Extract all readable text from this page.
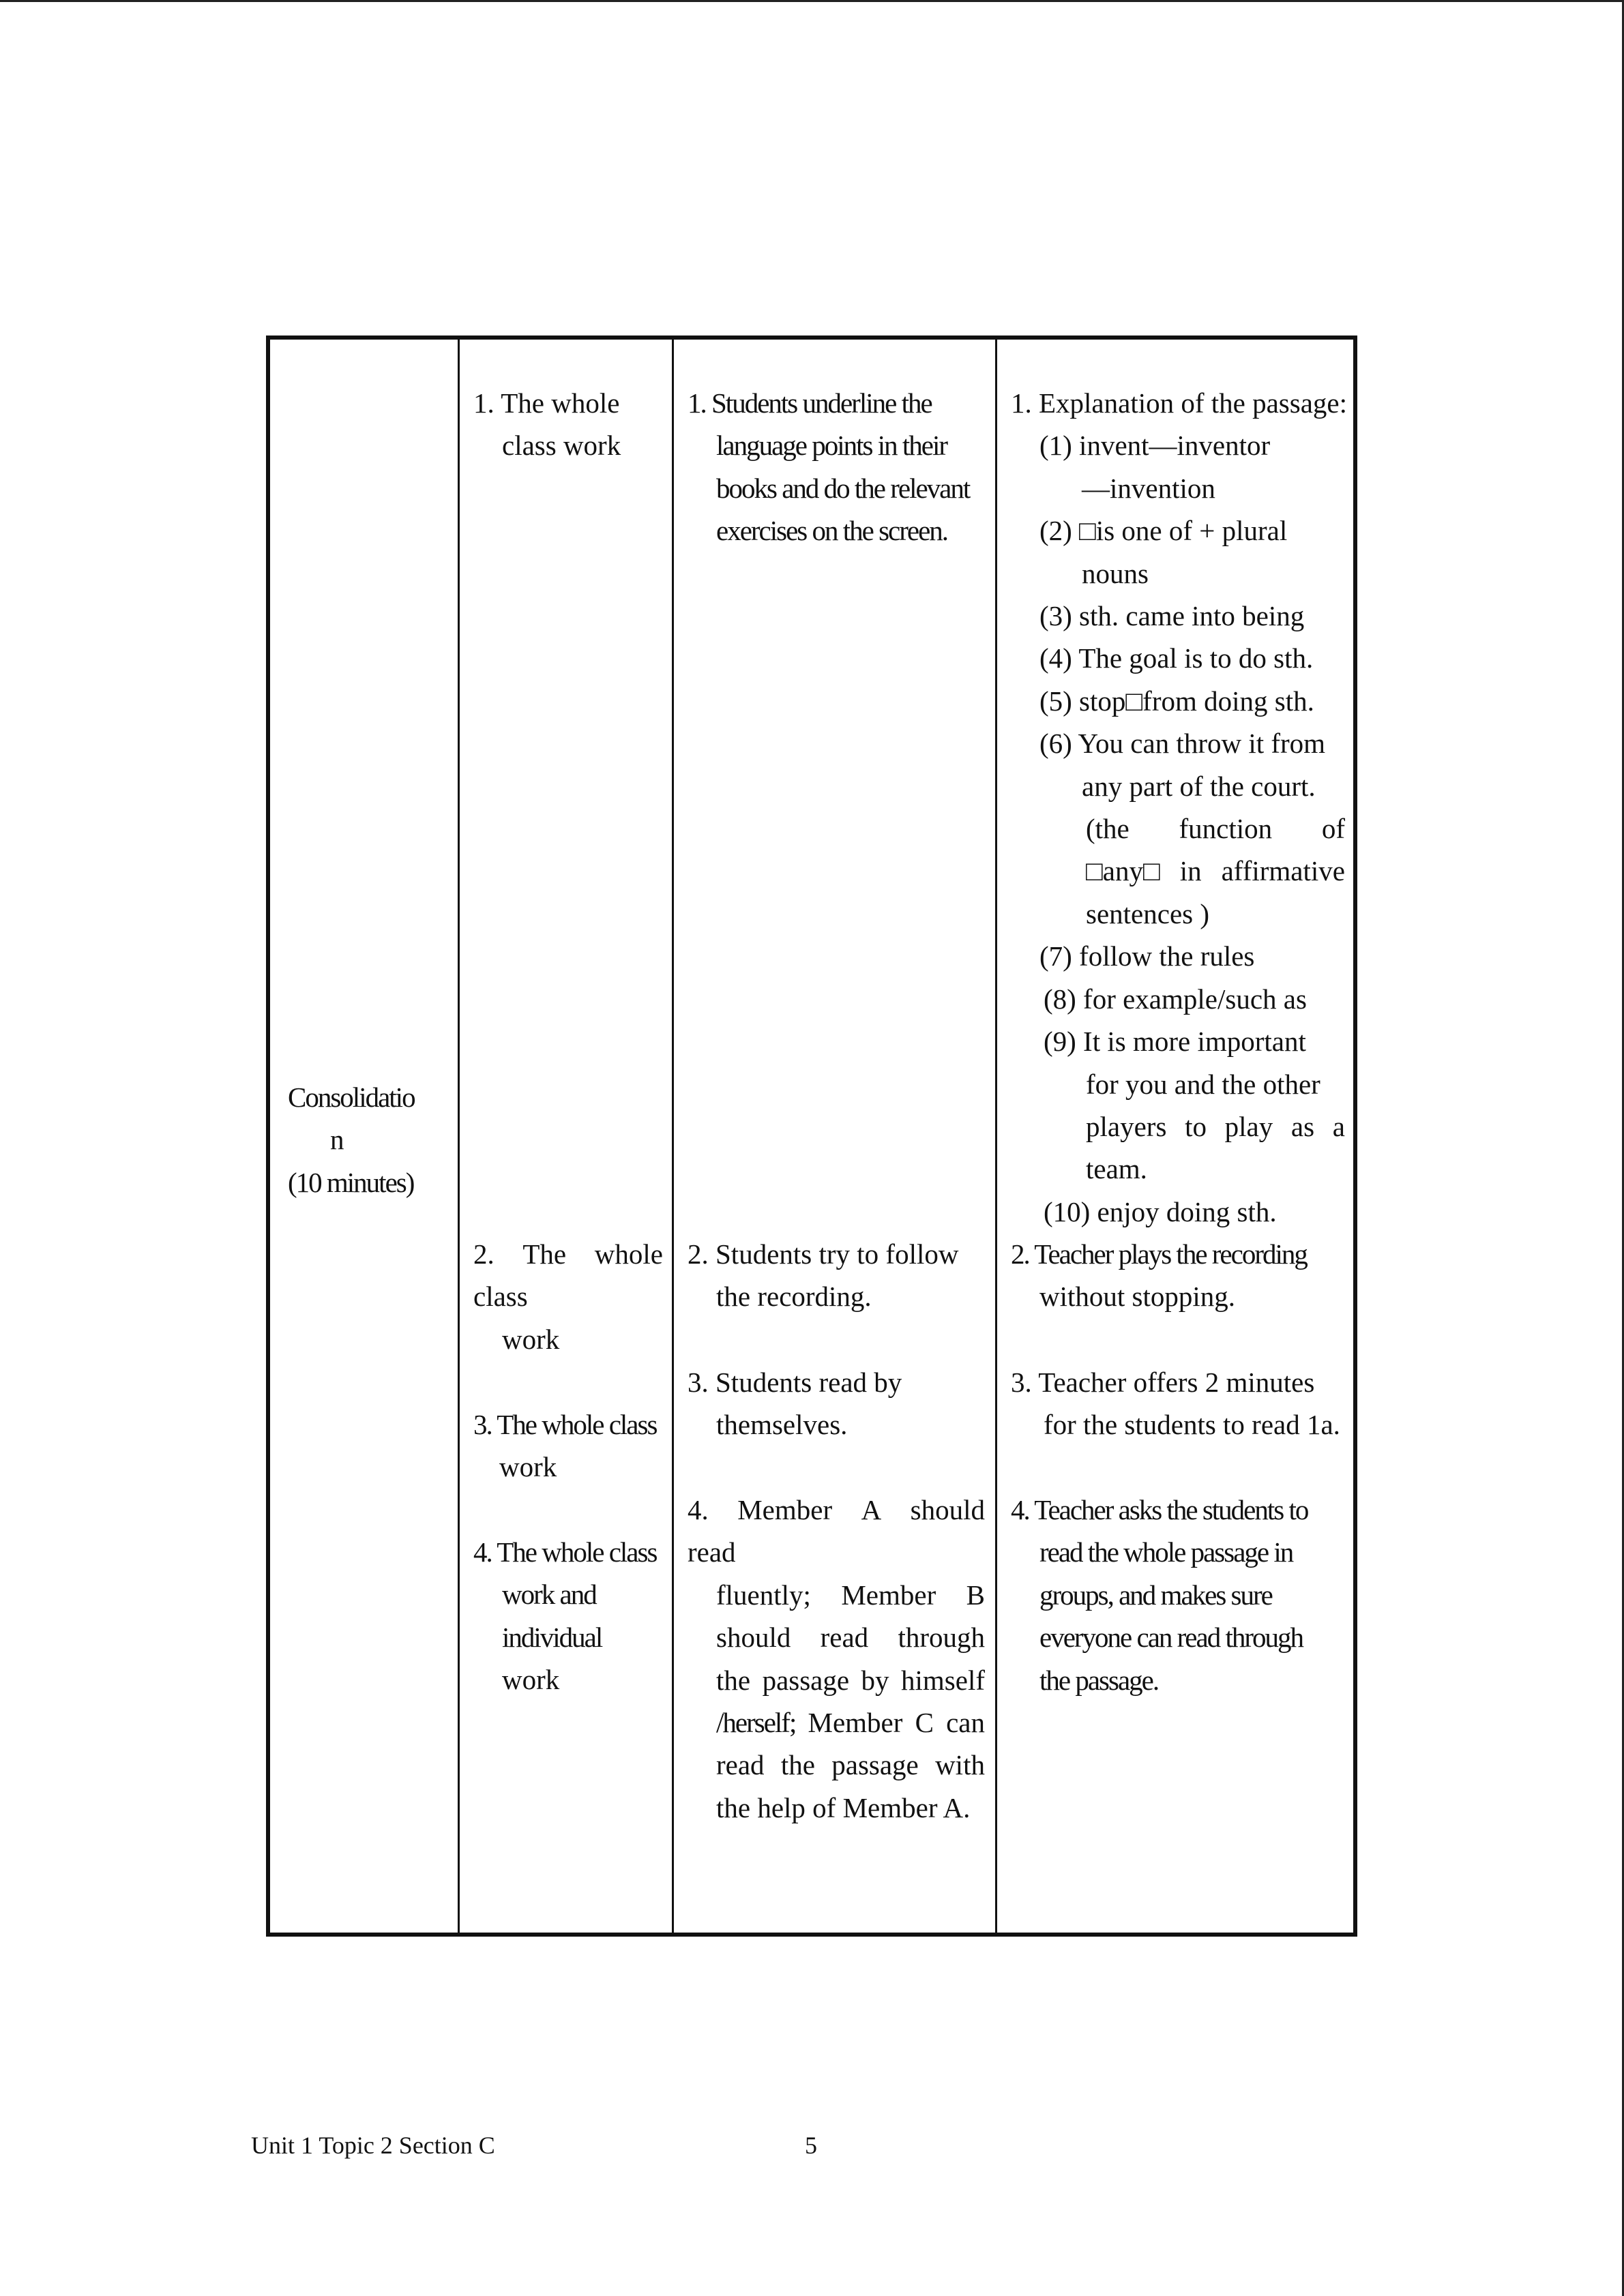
Consolidatio
n
(10 minutes)
1. The whole
class work
2. The whole
class
work
3. The whole class
work
4. The whole class
work and
individual
work
1. Students underline the
language points in their
books and do the relevant
exercises on the screen.
2. Students try to follow
the recording.
3. Students read by
themselves.
4. Member A should
read
fluently; Member B
should read through
the passage by himself
/herself; Member C can
read the passage with
the help of Member A.
1. Explanation of the passage:
(1) invent—inventor
—invention
(2) □is one of + plural
nouns
(3) sth. came into being
(4) The goal is to do sth.
(5) stop□from doing sth.
(6) You can throw it from
any part of the court.
(the function of
□any□ in affirmative
sentences )
(7) follow the rules
(8) for example/such as
(9) It is more important
for you and the other
players to play as a
team.
(10) enjoy doing sth.
2. Teacher plays the recording
without stopping.
3. Teacher offers 2 minutes
for the students to read 1a.
4. Teacher asks the students to
read the whole passage in
groups, and makes sure
everyone can read through
the passage.
Unit 1 Topic 2 Section C	5
